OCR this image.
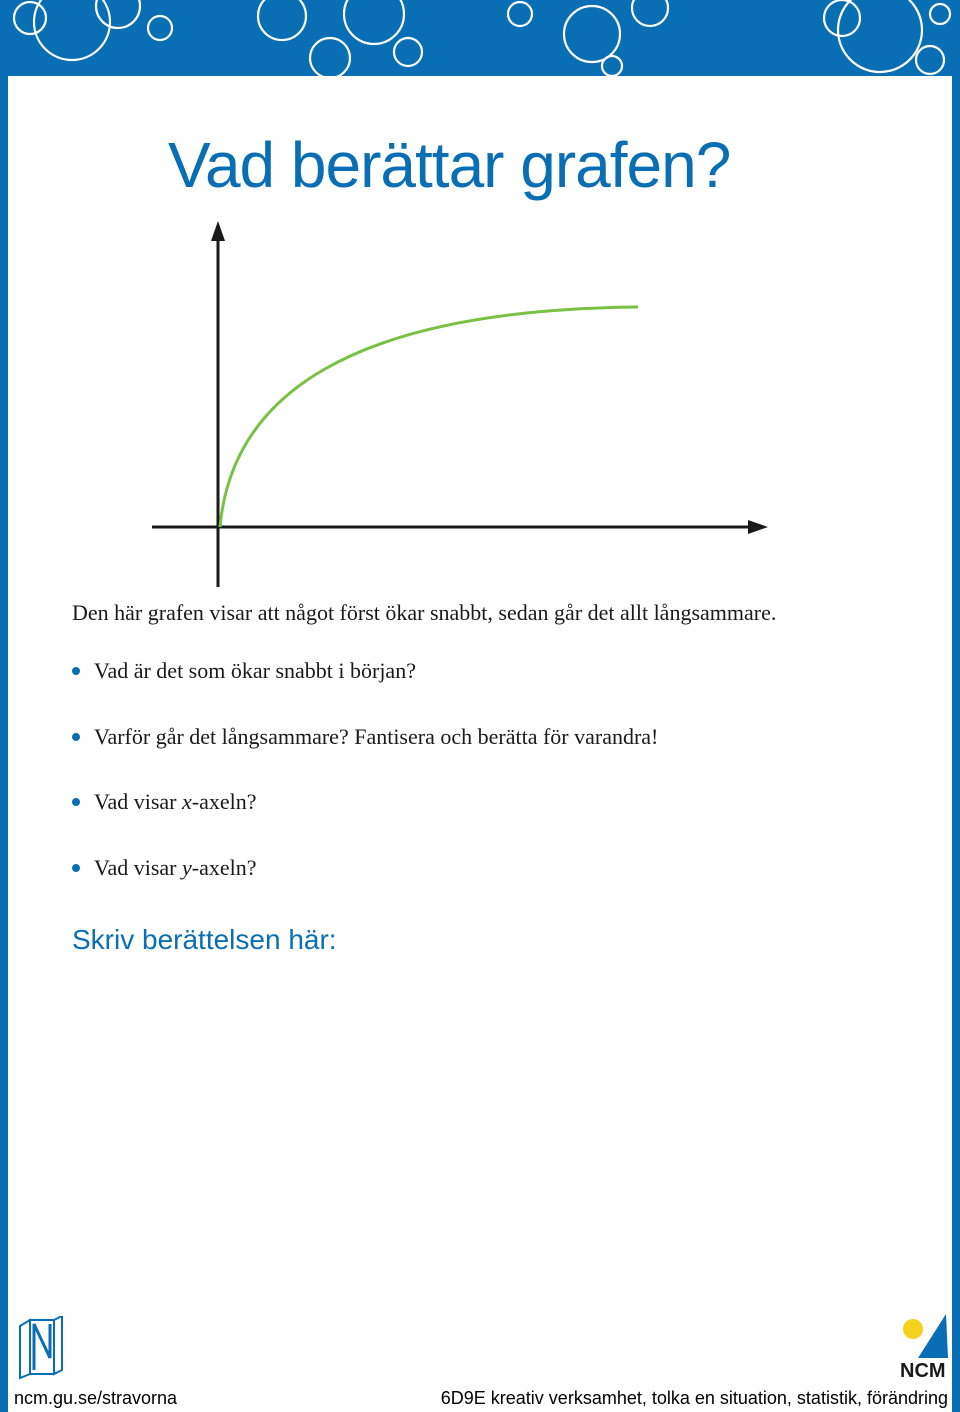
Vad berättar grafen?
Den här grafen visar att något först ökar snabbt, sedan går det allt långsammare.
Vad är det som ökar snabbt i början?
Varför går det långsammare? Fantisera och berätta för varandra!
Vad visar x-axeln?
Vad visar y-axeln?
Skriv berättelsen här:
NCM
ncm.gu.se/stravorna	6D9E kreativ verksamhet, tolka en situation, statistik, förändring
